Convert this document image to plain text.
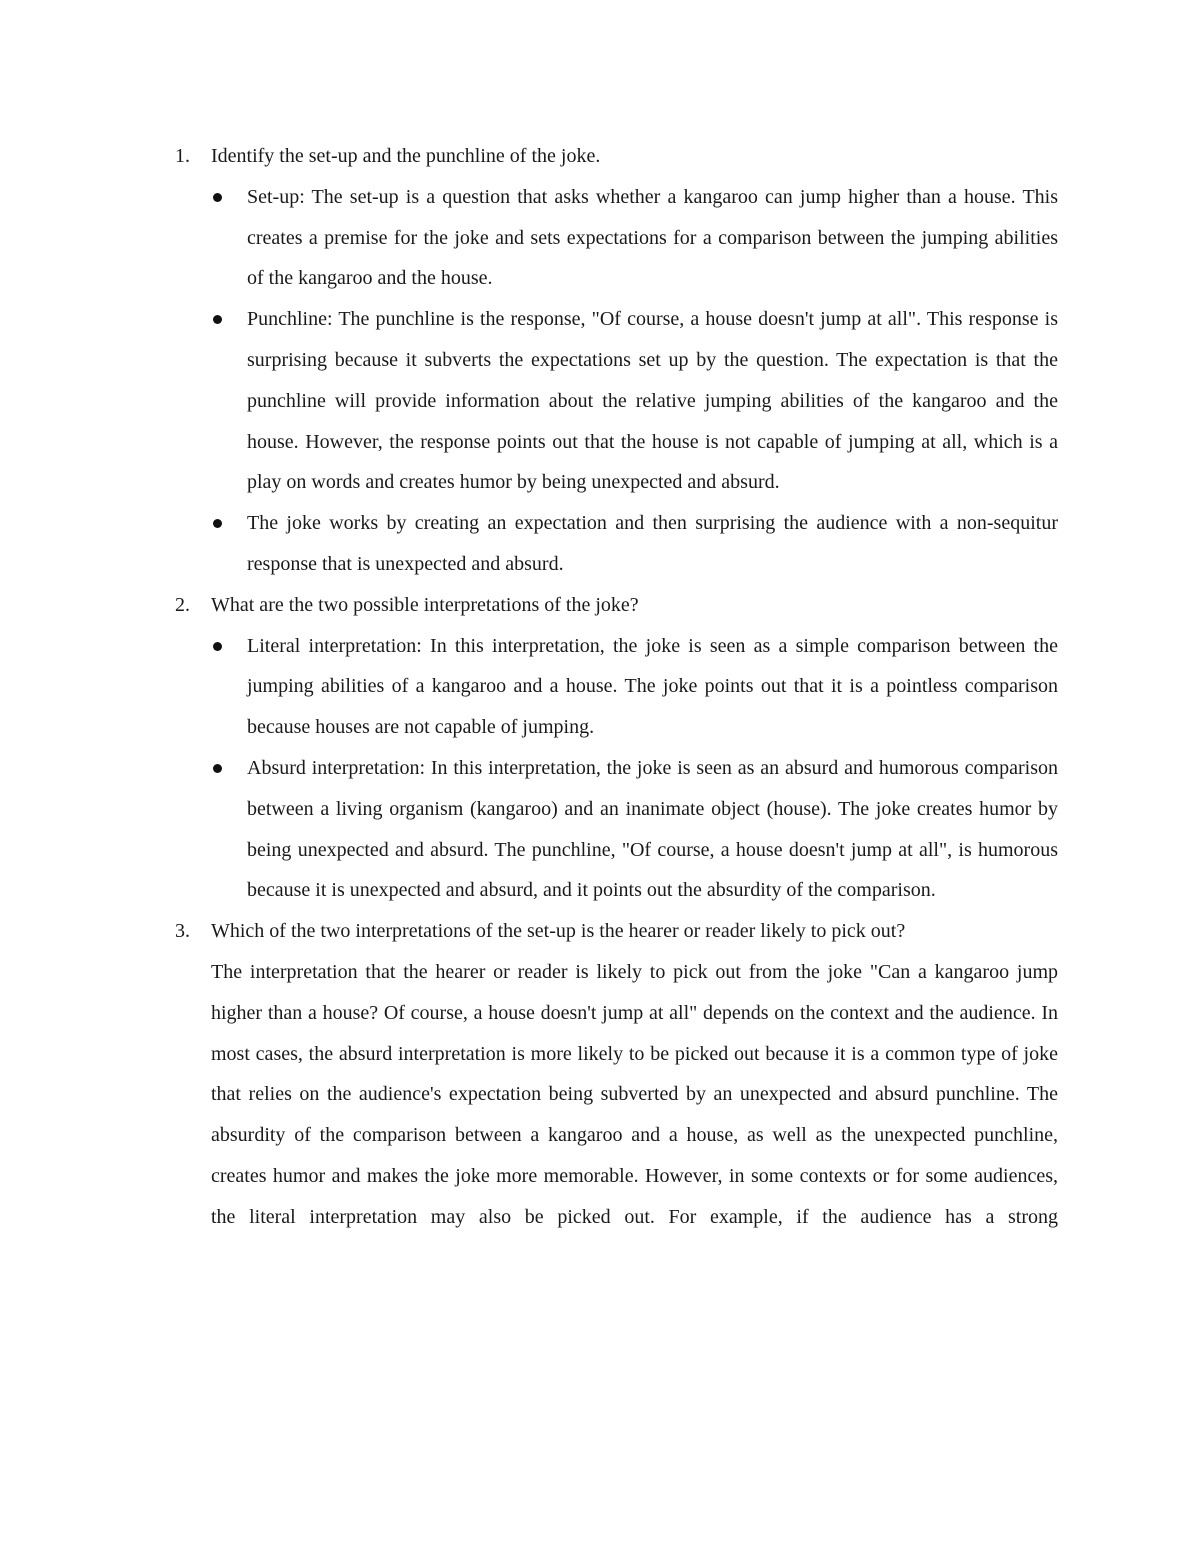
1.	Identify the set-up and the punchline of the joke.
Set-up: The set-up is a question that asks whether a kangaroo can jump higher than a house. This creates a premise for the joke and sets expectations for a comparison between the jumping abilities of the kangaroo and the house.
Punchline: The punchline is the response, "Of course, a house doesn't jump at all". This response is surprising because it subverts the expectations set up by the question. The expectation is that the punchline will provide information about the relative jumping abilities of the kangaroo and the house. However, the response points out that the house is not capable of jumping at all, which is a play on words and creates humor by being unexpected and absurd.
The joke works by creating an expectation and then surprising the audience with a non-sequitur response that is unexpected and absurd.
2.	What are the two possible interpretations of the joke?
Literal interpretation: In this interpretation, the joke is seen as a simple comparison between the jumping abilities of a kangaroo and a house. The joke points out that it is a pointless comparison because houses are not capable of jumping.
Absurd interpretation: In this interpretation, the joke is seen as an absurd and humorous comparison between a living organism (kangaroo) and an inanimate object (house). The joke creates humor by being unexpected and absurd. The punchline, "Of course, a house doesn't jump at all", is humorous because it is unexpected and absurd, and it points out the absurdity of the comparison.
3.	Which of the two interpretations of the set-up is the hearer or reader likely to pick out?
The interpretation that the hearer or reader is likely to pick out from the joke "Can a kangaroo jump higher than a house? Of course, a house doesn't jump at all" depends on the context and the audience. In most cases, the absurd interpretation is more likely to be picked out because it is a common type of joke that relies on the audience's expectation being subverted by an unexpected and absurd punchline. The absurdity of the comparison between a kangaroo and a house, as well as the unexpected punchline, creates humor and makes the joke more memorable. However, in some contexts or for some audiences, the literal interpretation may also be picked out. For example, if the audience has a strong
